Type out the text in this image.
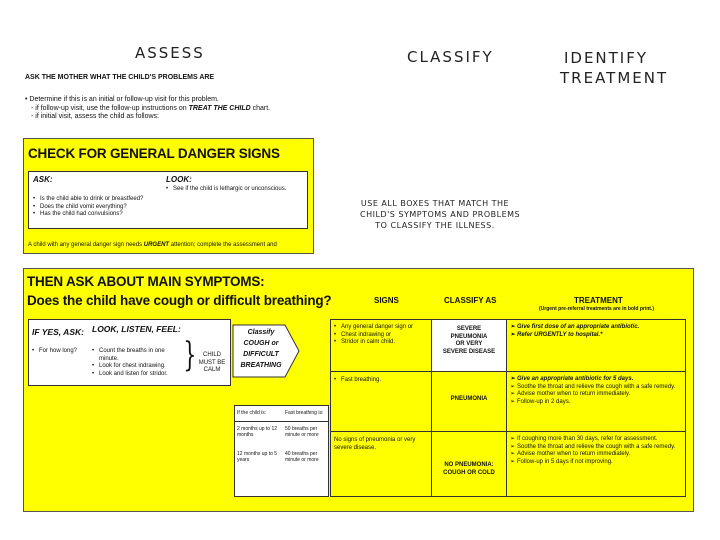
ASSESS	CLASSIFY	IDENTIFY
TREATMENT
ASK THE MOTHER WHAT THE CHILD'S PROBLEMS ARE
• Determine if this is an initial or follow-up visit for this problem.
- if follow-up visit, use the follow-up instructions on TREAT THE CHILD chart.
- if initial visit, assess the child as follows:
CHECK FOR GENERAL DANGER SIGNS
ASK:	LOOK:
• Is the child able to drink or breastfeed?
• Does the child vomit everything?
• Has the child had convulsions?
• See if the child is lethargic or unconscious.
A child with any general danger sign needs URGENT attention; complete the assessment and
USE ALL BOXES THAT MATCH THE
CHILD'S SYMPTOMS AND PROBLEMS
TO CLASSIFY THE ILLNESS.
THEN ASK ABOUT MAIN SYMPTOMS:
Does the child have cough or difficult breathing?	SIGNS	CLASSIFY AS	TREATMENT
(Urgent pre-referral treatments are in bold print.)
IF YES, ASK: LOOK, LISTEN, FEEL:
• For how long?
•	Count the breaths in one minute.
• Look for chest indrawing.
• Look and listen for stridor. }	CHILD
MUST BE
CALM
Classify
COUGH or
DIFFICULT
BREATHING
If the child is:	Fast breathing is:
2 months up to 12 months
50 breaths per minute or more
12 months up to 5 years
40 breaths per minute or more
• Any general danger sign or
• Chest indrawing or
• Stridor in calm child.
SEVERE
PNEUMONIA
OR VERY
SEVERE DISEASE
➢ Give first dose of an appropriate antibiotic.
➢ Refer URGENTLY to hospital.*
• Fast breathing.
PNEUMONIA
➢ Give an appropriate antibiotic for 5 days.
➢ Soothe the throat and relieve the cough with a safe remedy.
➢ Advise mother when to return immediately.
➢ Follow-up in 2 days.
No signs of pneumonia or very severe disease.
NO PNEUMONIA:
COUGH OR COLD
➢ If coughing more than 30 days, refer for assessment.
➢ Soothe the throat and relieve the cough with a safe remedy.
➢ Advise mother when to return immediately.
➢ Follow-up in 5 days if not improving.
